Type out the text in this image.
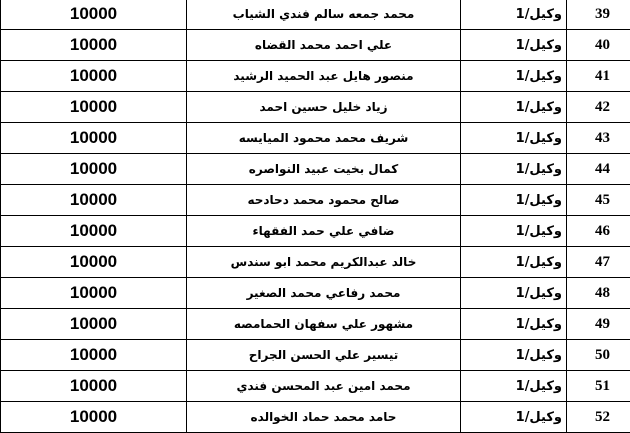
10000	محمد جمعه سالم فندي الشياب	وكيل/1	39
10000	علي احمد محمد القضاه	وكيل/1	40
10000	منصور هايل عبد الحميد الرشيد	وكيل/1	41
10000	زياد خليل حسين احمد	وكيل/1	42
10000	شريف محمد محمود الميايسه	وكيل/1	43
10000	كمال بخيت عبيد النواصره	وكيل/1	44
10000	صالح محمود محمد دحادحه	وكيل/1	45
10000	ضافي علي حمد الفقهاء	وكيل/1	46
10000	خالد عبدالكريم محمد ابو سندس	وكيل/1	47
10000	محمد رفاعي محمد الصغير	وكيل/1	48
10000	مشهور علي سفهان الحمامصه	وكيل/1	49
10000	تيسير علي الحسن الجراح	وكيل/1	50
10000	محمد امين عبد المحسن فندي	وكيل/1	51
10000	حامد محمد حماد الخوالده	وكيل/1	52
